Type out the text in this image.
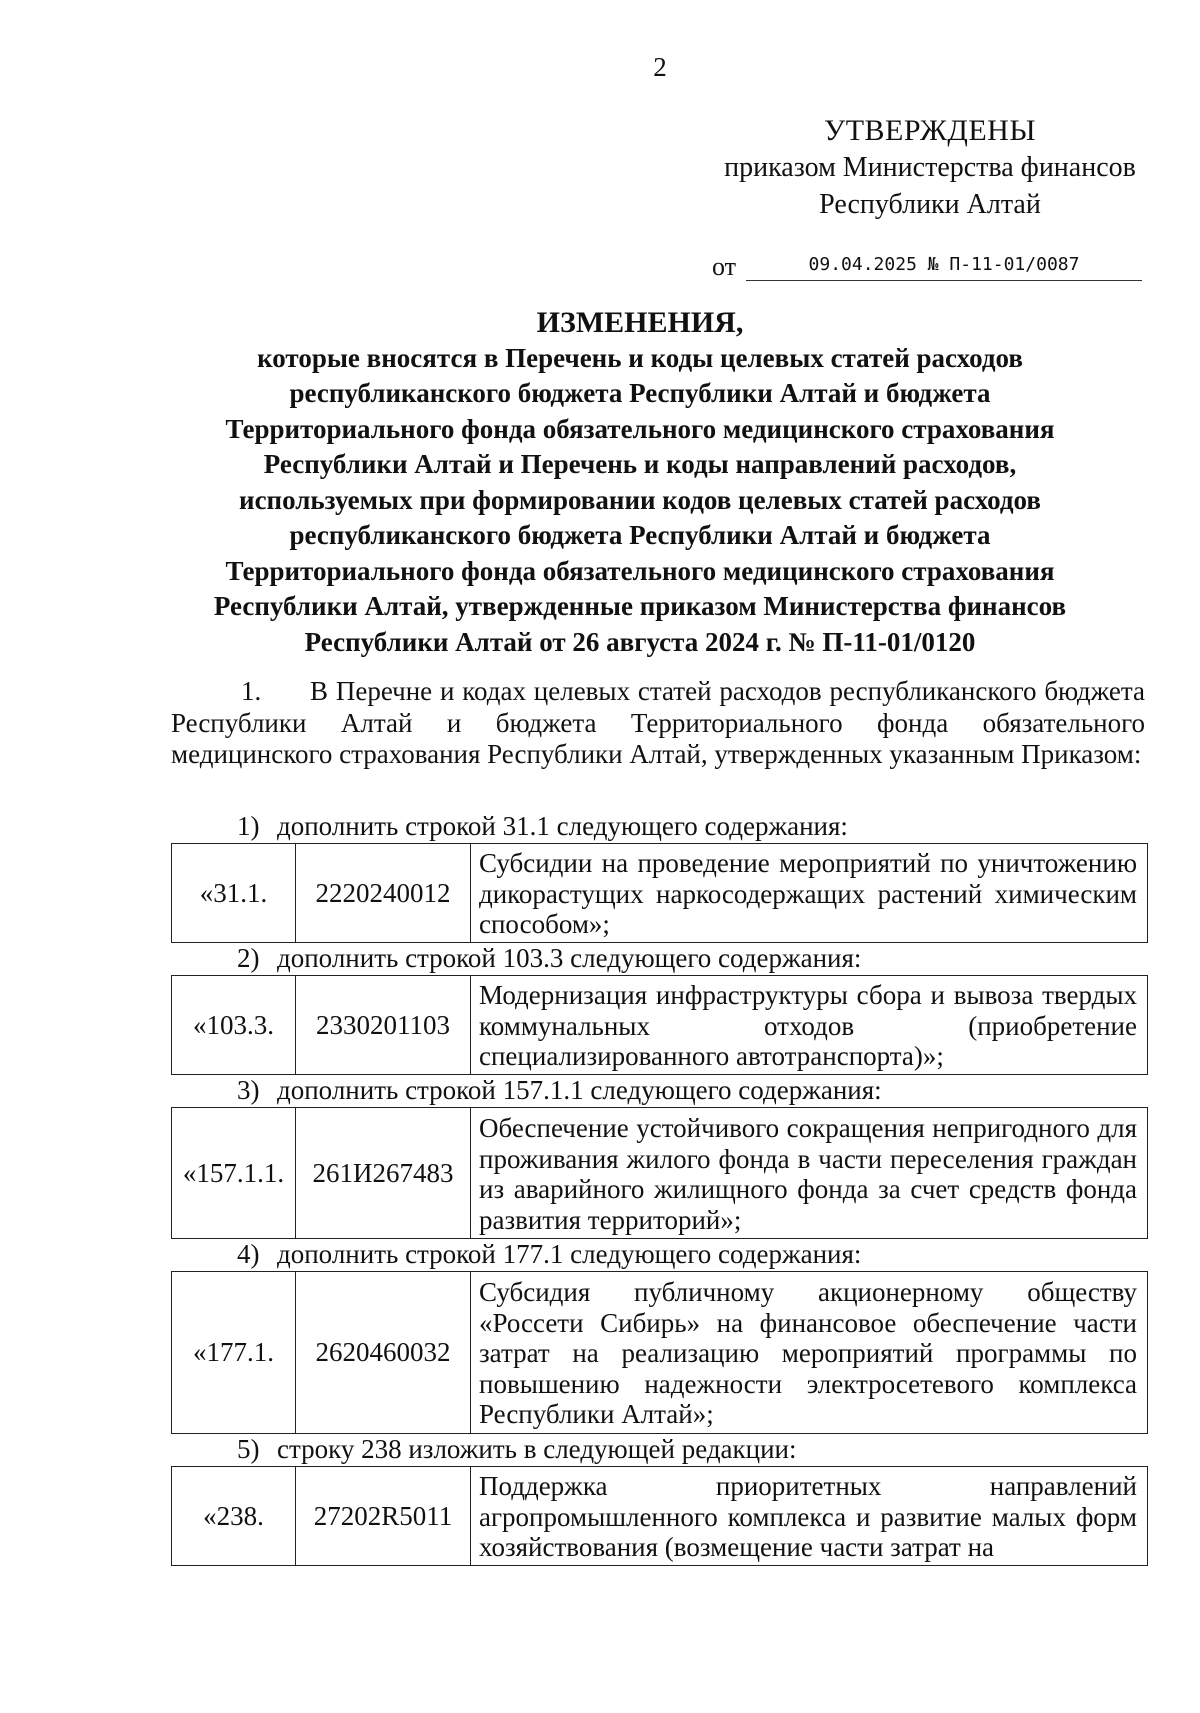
2
УТВЕРЖДЕНЫ
приказом Министерства финансов
Республики Алтай
от	09.04.2025 № П-11-01/0087
ИЗМЕНЕНИЯ,
которые вносятся в Перечень и коды целевых статей расходов
республиканского бюджета Республики Алтай и бюджета
Территориального фонда обязательного медицинского страхования
Республики Алтай и Перечень и коды направлений расходов,
используемых при формировании кодов целевых статей расходов
республиканского бюджета Республики Алтай и бюджета
Территориального фонда обязательного медицинского страхования
Республики Алтай, утвержденные приказом Министерства финансов
Республики Алтай от 26 августа 2024 г. № П-11-01/0120
1. В Перечне и кодах целевых статей расходов республиканского бюджета Республики Алтай и бюджета Территориального фонда обязательного медицинского страхования Республики Алтай, утвержденных указанным Приказом:
1) дополнить строкой 31.1 следующего содержания:
«31.1.	2220240012	Субсидии на проведение мероприятий по уничтожению дикорастущих наркосодержащих растений химическим способом»;
2) дополнить строкой 103.3 следующего содержания:
«103.3.	2330201103	Модернизация инфраструктуры сбора и вывоза твердых коммунальных отходов (приобретение специализированного автотранспорта)»;
3) дополнить строкой 157.1.1 следующего содержания:
«157.1.1.	261И267483	Обеспечение устойчивого сокращения непригодного для проживания жилого фонда в части переселения граждан из аварийного жилищного фонда за счет средств фонда развития территорий»;
4) дополнить строкой 177.1 следующего содержания:
«177.1.	2620460032	Субсидия публичному акционерному обществу «Россети Сибирь» на финансовое обеспечение части затрат на реализацию мероприятий программы по повышению надежности электросетевого комплекса Республики Алтай»;
5) строку 238 изложить в следующей редакции:
«238.	27202R5011	Поддержка приоритетных направлений агропромышленного комплекса и развитие малых форм хозяйствования (возмещение части затрат на
